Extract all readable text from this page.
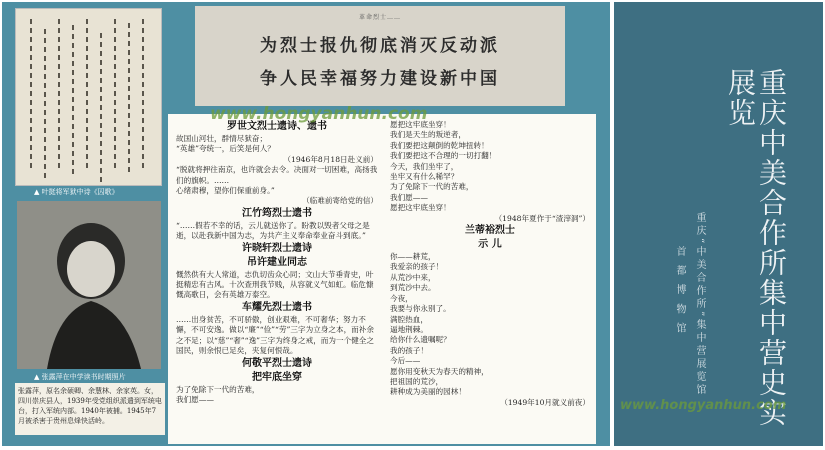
▲ 叶挺将军狱中诗《囚歌》
▲ 张露萍在中学读书时期照片
张露萍，原名余硕卿、余慧林、余家英。女，四川崇庆县人，1939年受党组织派遣到军统电台，打入军统内部。1940年被捕。1945年7月被杀害于贵州息烽快活岭。
革命烈士……
为烈士报仇彻底消灭反动派
争人民幸福努力建设新中国
罗世文烈士遗诗、遗书

故国山河壮，群情尽狱奋；

“英雄”夸统一，后笑是何人？

（1946年8月18日赴义前）

“脱就将押往南京，也许就会去令。决面对一切困难，高扬我们的旗帜。……

心绪肃穆，望你们保重前身。”

（临难前寄给党的信）

江竹筠烈士遗书

“……假若不幸的话，云儿就送你了。盼教以毁者父母之是逝，以赴我新中国为志，为共产主义奉命奉业奋斗到底。”

许晓轩烈士遗诗
吊许建业同志

慨然供有大人常道，志仇切齿众心同；文山大节垂青史，叶挺精忠有古风。十次查刑我节贱，从容就义气如虹。临危慷慨高歌日，会有英雄万泰空。

车耀先烈士遗书

……出身贫苦，不可骄傲，创业艰难，不可奢华；努力不懈，不可安逸。做以“廉”“俭”“劳”三字为立身之本，而补余之不足；以“慈”“奢”“逸”三字为终身之戒，而为一个健全之国民，则余恨已足矣，夹复何恨哉。

何敬平烈士遗诗
把牢底坐穿

为了免除下一代的苦难，

我们愿——

愿把这牢底坐穿！

我们是天生的叛逆者，

我们要把这颠倒的乾坤扭转！

我们要把这不合理的一切打翻！

今天，我们坐牢了，

坐牢又有什么稀罕？

为了免除下一代的苦难，

我们愿——

愿把这牢底坐穿！

（1948年夏作于“渣滓洞”）

兰蒂裕烈士
示 儿

你——耕荒，

我爱亲的孩子！

从荒沙中来，

到荒沙中去。

今夜，

我要与你永别了。

满腔热血，

逼地荆棘。

给你什么遗嘱呢？

我的孩子！

今后——

愿你用变秋天为春天的精神，

把祖国的荒沙，

耕种成为美丽的园林！

（1949年10月就义前夜）

www.hongyanhun.com	重庆中美合作所集中营史实展览
重庆“中美合作所”集中营展览馆
首 都 博 物 馆
www.hongyanhun.com
